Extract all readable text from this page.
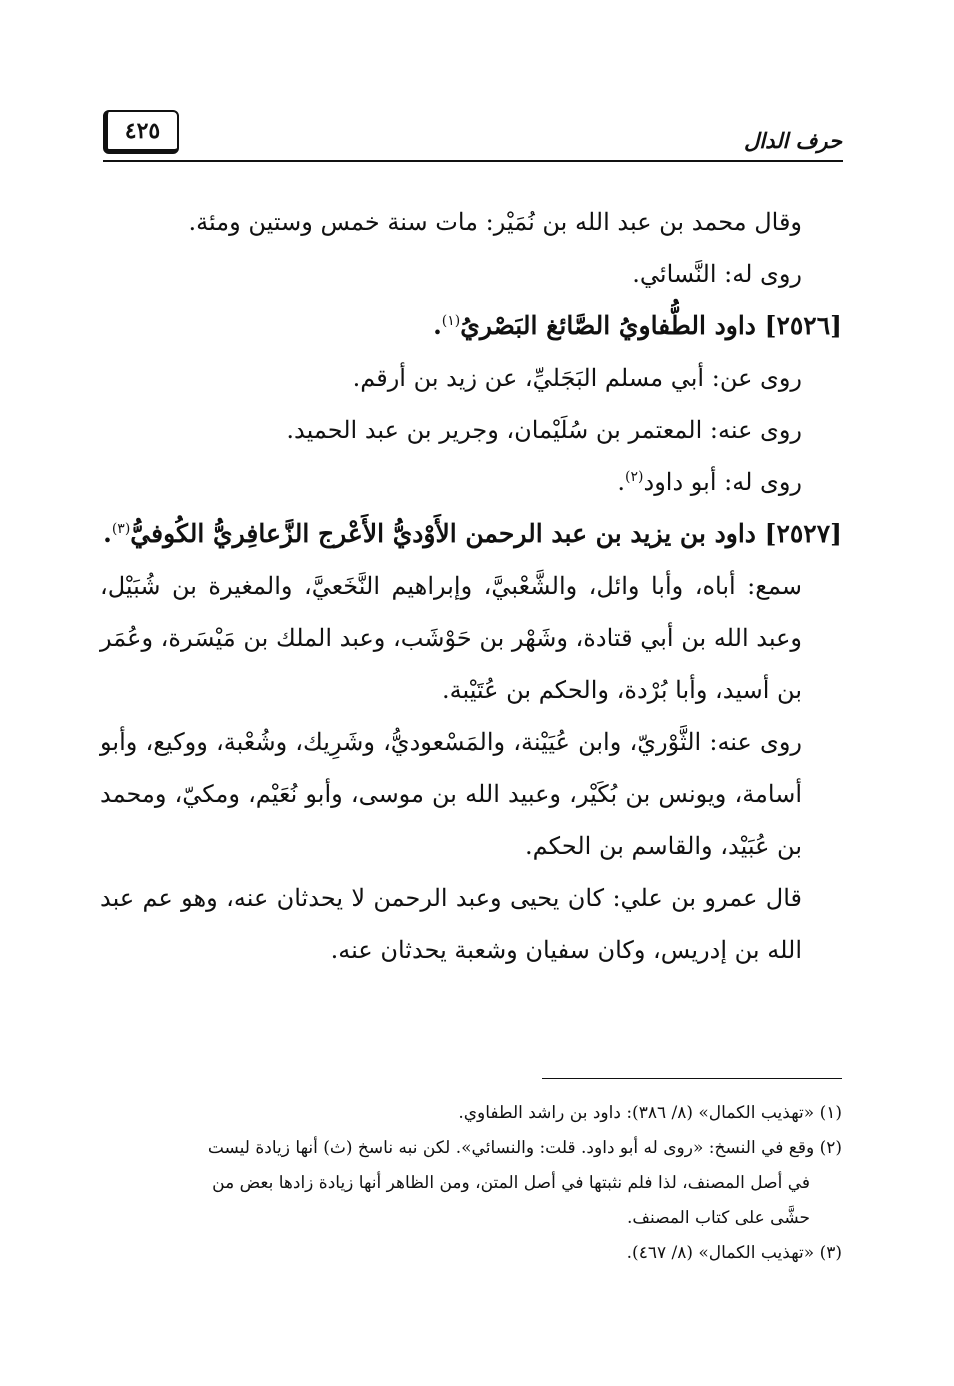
حرف الدال
٤٢٥

وقال محمد بن عبد الله بن نُمَيْر: مات سنة خمس وستين ومئة.

روى له: النَّسائي.

[٢٥٢٦] داود الطُّفاويُ الصَّائغ البَصْريُ$^{(١)}$.

روى عن: أبي مسلم البَجَليِّ، عن زيد بن أرقم.

روى عنه: المعتمر بن سُلَيْمان، وجرير بن عبد الحميد.

روى له: أبو داود$^{(٢)}$.

[٢٥٢٧] داود بن يزيد بن عبد الرحمن الأَوْديُّ الأَعْرج الزَّعافِريُّ الكُوفيُّ$^{(٣)}$.

سمع: أباه، وأبا وائل، والشَّعْبيَّ، وإبراهيم النَّخَعيَّ، والمغيرة بن شُبَيْل، وعبد الله بن أبي قتادة، وشَهْر بن حَوْشَب، وعبد الملك بن مَيْسَرة، وعُمَر بن أسيد، وأبا بُرْدة، والحكم بن عُتَيْبة.

روى عنه: الثَّوْريّ، وابن عُيَيْنة، والمَسْعوديُّ، وشَرِيك، وشُعْبة، ووكيع، وأبو أسامة، ويونس بن بُكَيْر، وعبيد الله بن موسى، وأبو نُعَيْم، ومكيّ، ومحمد بن عُبَيْد، والقاسم بن الحكم.

قال عمرو بن علي: كان يحيى وعبد الرحمن لا يحدثان عنه، وهو عم عبد الله بن إدريس، وكان سفيان وشعبة يحدثان عنه.

(١) «تهذيب الكمال» (٨/ ٣٨٦): داود بن راشد الطفاوي.

(٢) وقع في النسخ: «روى له أبو داود. قلت: والنسائي». لكن نبه ناسخ (ث) أنها زيادة ليست

في أصل المصنف، لذا فلم نثبتها في أصل المتن، ومن الظاهر أنها زيادة زادها بعض من

حشَّى على كتاب المصنف.

(٣) «تهذيب الكمال» (٨/ ٤٦٧).
